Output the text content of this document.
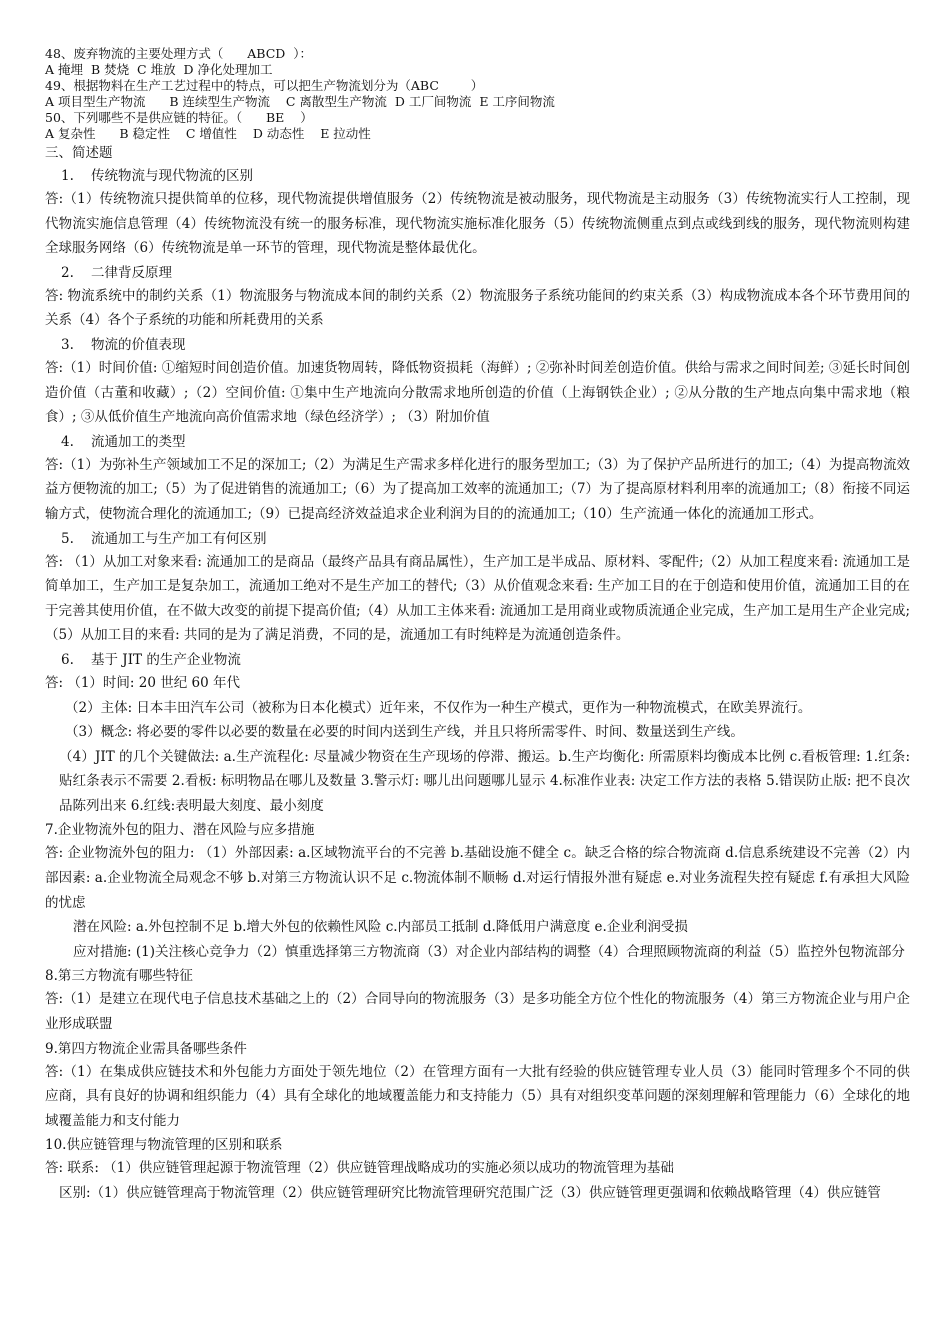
48、废弃物流的主要处理方式（      ABCD  ）：
A 掩埋  B 焚烧  C 堆放  D 净化处理加工
49、根据物料在生产工艺过程中的特点，可以把生产物流划分为（ABC        ）
A 项目型生产物流      B 连续型生产物流    C 离散型生产物流  D 工厂间物流  E 工序间物流
50、下列哪些不是供应链的特征。（      BE    ）
A 复杂性      B 稳定性    C 增值性    D 动态性    E 拉动性
三、简述题
1. 传统物流与现代物流的区别
答:（1）传统物流只提供简单的位移，现代物流提供增值服务（2）传统物流是被动服务，现代物流是主动服务（3）传统物流实行人工控制，现代物流实施信息管理（4）传统物流没有统一的服务标准，现代物流实施标准化服务（5）传统物流侧重点到点或线到线的服务，现代物流则构建全球服务网络（6）传统物流是单一环节的管理，现代物流是整体最优化。
2. 二律背反原理
答: 物流系统中的制约关系（1）物流服务与物流成本间的制约关系（2）物流服务子系统功能间的约束关系（3）构成物流成本各个环节费用间的关系（4）各个子系统的功能和所耗费用的关系
3. 物流的价值表现
答:（1）时间价值: ①缩短时间创造价值。加速货物周转，降低物资损耗（海鲜）; ②弥补时间差创造价值。供给与需求之间时间差; ③延长时间创造价值（古董和收藏）;（2）空间价值: ①集中生产地流向分散需求地所创造的价值（上海钢铁企业）; ②从分散的生产地点向集中需求地（粮食）; ③从低价值生产地流向高价值需求地（绿色经济学）; （3）附加价值
4. 流通加工的类型
答:（1）为弥补生产领域加工不足的深加工;（2）为满足生产需求多样化进行的服务型加工;（3）为了保护产品所进行的加工;（4）为提高物流效益方便物流的加工;（5）为了促进销售的流通加工;（6）为了提高加工效率的流通加工;（7）为了提高原材料利用率的流通加工;（8）衔接不同运输方式，使物流合理化的流通加工;（9）已提高经济效益追求企业利润为目的的流通加工;（10）生产流通一体化的流通加工形式。
5. 流通加工与生产加工有何区别
答: （1）从加工对象来看: 流通加工的是商品（最终产品具有商品属性），生产加工是半成品、原材料、零配件;（2）从加工程度来看: 流通加工是简单加工，生产加工是复杂加工，流通加工绝对不是生产加工的替代;（3）从价值观念来看: 生产加工目的在于创造和使用价值，流通加工目的在于完善其使用价值，在不做大改变的前提下提高价值;（4）从加工主体来看: 流通加工是用商业或物质流通企业完成，生产加工是用生产企业完成; （5）从加工目的来看: 共同的是为了满足消费，不同的是，流通加工有时纯粹是为流通创造条件。
6. 基于 JIT 的生产企业物流
答: （1）时间: 20 世纪 60 年代
（2）主体: 日本丰田汽车公司（被称为日本化模式）近年来，不仅作为一种生产模式，更作为一种物流模式，在欧美界流行。
（3）概念: 将必要的零件以必要的数量在必要的时间内送到生产线，并且只将所需零件、时间、数量送到生产线。
（4）JIT 的几个关键做法: a.生产流程化: 尽量减少物资在生产现场的停滞、搬运。b.生产均衡化: 所需原料均衡成本比例 c.看板管理: 1.红条: 贴红条表示不需要 2.看板: 标明物品在哪儿及数量 3.警示灯: 哪儿出问题哪儿显示 4.标准作业表: 决定工作方法的表格 5.错误防止版: 把不良次品陈列出来 6.红线:表明最大刻度、最小刻度
7.企业物流外包的阻力、潜在风险与应多措施
答: 企业物流外包的阻力: （1）外部因素: a.区域物流平台的不完善 b.基础设施不健全 c。缺乏合格的综合物流商 d.信息系统建设不完善（2）内部因素: a.企业物流全局观念不够 b.对第三方物流认识不足 c.物流体制不顺畅 d.对运行情报外泄有疑虑 e.对业务流程失控有疑虑 f.有承担大风险的忧虑
潜在风险: a.外包控制不足 b.增大外包的依赖性风险 c.内部员工抵制 d.降低用户满意度 e.企业利润受损
应对措施: (1)关注核心竞争力（2）慎重选择第三方物流商（3）对企业内部结构的调整（4）合理照顾物流商的利益（5）监控外包物流部分
8.第三方物流有哪些特征
答:（1）是建立在现代电子信息技术基础之上的（2）合同导向的物流服务（3）是多功能全方位个性化的物流服务（4）第三方物流企业与用户企业形成联盟
9.第四方物流企业需具备哪些条件
答:（1）在集成供应链技术和外包能力方面处于领先地位（2）在管理方面有一大批有经验的供应链管理专业人员（3）能同时管理多个不同的供应商，具有良好的协调和组织能力（4）具有全球化的地域覆盖能力和支持能力（5）具有对组织变革问题的深刻理解和管理能力（6）全球化的地域覆盖能力和支付能力
10.供应链管理与物流管理的区别和联系
答: 联系: （1）供应链管理起源于物流管理（2）供应链管理战略成功的实施必须以成功的物流管理为基础
区别:（1）供应链管理高于物流管理（2）供应链管理研究比物流管理研究范围广泛（3）供应链管理更强调和依赖战略管理（4）供应链管
